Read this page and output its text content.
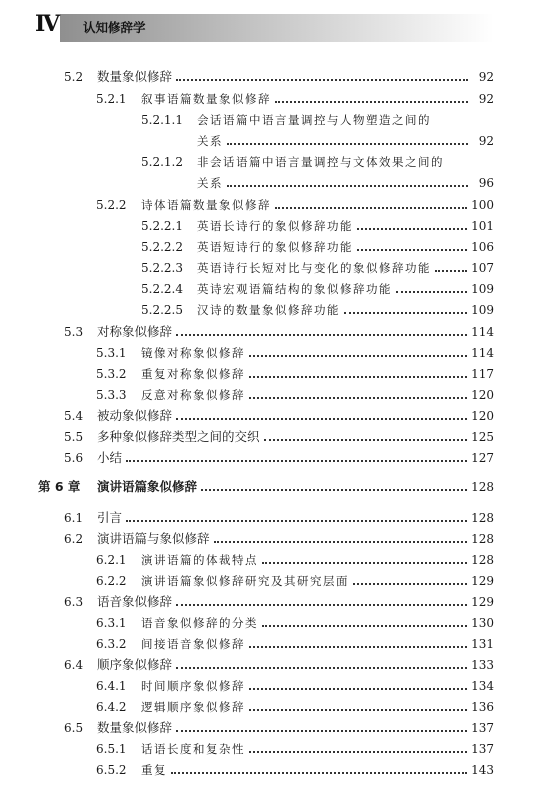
Ⅳ 认知修辞学
5.2 数量象似修辞	92
5.2.1 叙事语篇数量象似修辞	92
5.2.1.1 会话语篇中语言量调控与人物塑造之间的
关系	92
5.2.1.2 非会话语篇中语言量调控与文体效果之间的
关系	96
5.2.2 诗体语篇数量象似修辞	100
5.2.2.1 英语长诗行的象似修辞功能	101
5.2.2.2 英语短诗行的象似修辞功能	106
5.2.2.3 英语诗行长短对比与变化的象似修辞功能	107
5.2.2.4 英诗宏观语篇结构的象似修辞功能	109
5.2.2.5 汉诗的数量象似修辞功能	109
5.3 对称象似修辞	114
5.3.1 镜像对称象似修辞	114
5.3.2 重复对称象似修辞	117
5.3.3 反意对称象似修辞	120
5.4 被动象似修辞	120
5.5 多种象似修辞类型之间的交织	125
5.6 小结	127
第 6 章 演讲语篇象似修辞	128
6.1 引言	128
6.2 演讲语篇与象似修辞	128
6.2.1 演讲语篇的体裁特点	128
6.2.2 演讲语篇象似修辞研究及其研究层面	129
6.3 语音象似修辞	129
6.3.1 语音象似修辞的分类	130
6.3.2 间接语音象似修辞	131
6.4 顺序象似修辞	133
6.4.1 时间顺序象似修辞	134
6.4.2 逻辑顺序象似修辞	136
6.5 数量象似修辞	137
6.5.1 话语长度和复杂性	137
6.5.2 重复	143
